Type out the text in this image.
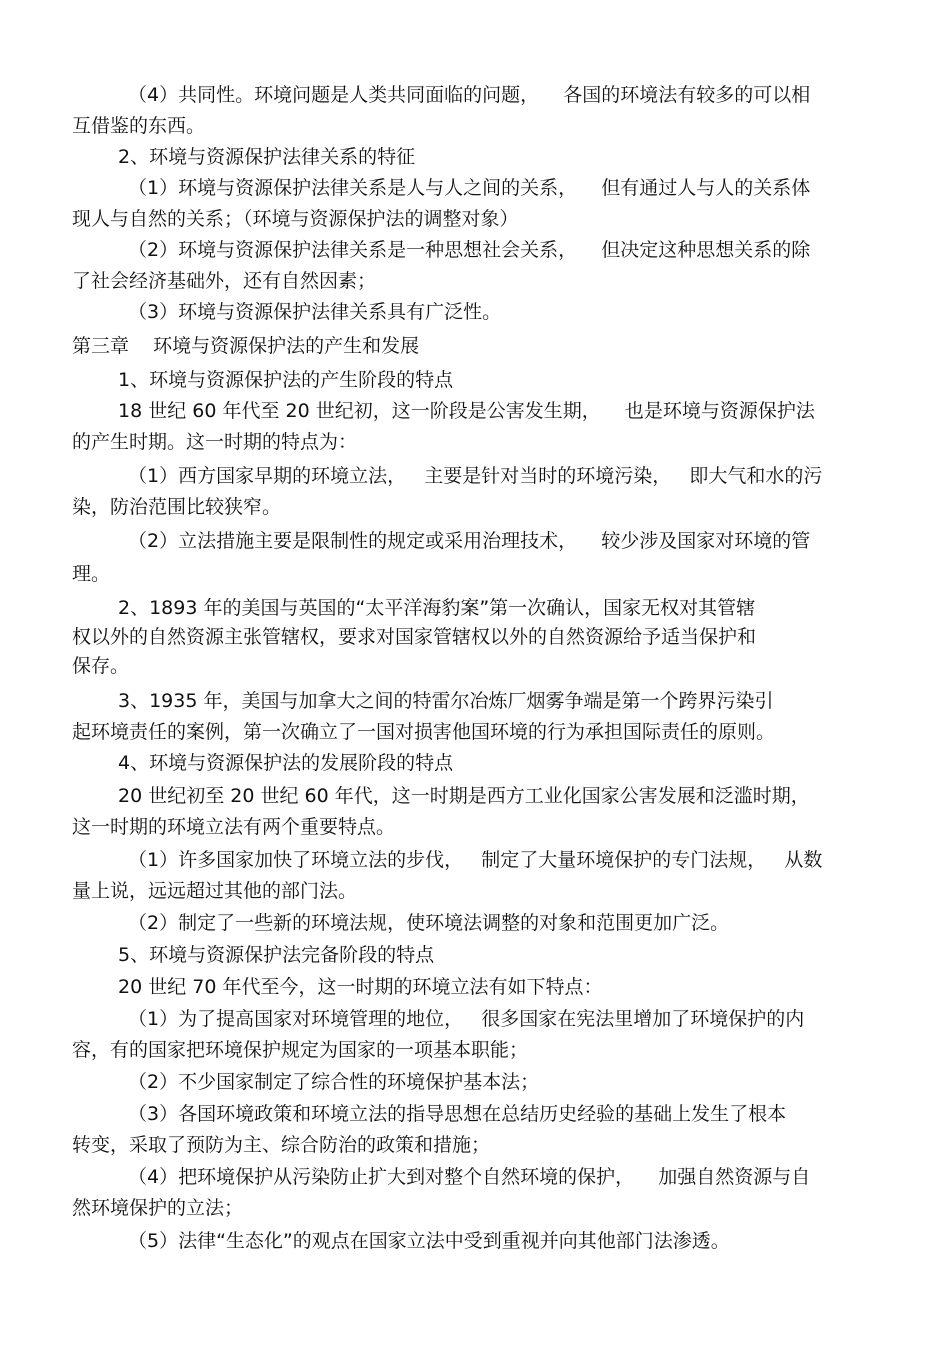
（4）共同性。环境问题是人类共同面临的问题，    各国的环境法有较多的可以相
互借鉴的东西。
2、环境与资源保护法律关系的特征
（1）环境与资源保护法律关系是人与人之间的关系，    但有通过人与人的关系体
现人与自然的关系；（环境与资源保护法的调整对象）
（2）环境与资源保护法律关系是一种思想社会关系，    但决定这种思想关系的除
了社会经济基础外，还有自然因素；
（3）环境与资源保护法律关系具有广泛性。
第三章    环境与资源保护法的产生和发展
1、环境与资源保护法的产生阶段的特点
18 世纪 60 年代至 20 世纪初，这一阶段是公害发生期，    也是环境与资源保护法
的产生时期。这一时期的特点为：
（1）西方国家早期的环境立法，   主要是针对当时的环境污染，   即大气和水的污
染，防治范围比较狭窄。
（2）立法措施主要是限制性的规定或采用治理技术，    较少涉及国家对环境的管
理。
2、1893 年的美国与英国的“太平洋海豹案”第一次确认，国家无权对其管辖
权以外的自然资源主张管辖权，要求对国家管辖权以外的自然资源给予适当保护和
保存。
3、1935 年，美国与加拿大之间的特雷尔冶炼厂烟雾争端是第一个跨界污染引
起环境责任的案例，第一次确立了一国对损害他国环境的行为承担国际责任的原则。
4、环境与资源保护法的发展阶段的特点
20 世纪初至 20 世纪 60 年代，这一时期是西方工业化国家公害发展和泛滥时期，
这一时期的环境立法有两个重要特点。
（1）许多国家加快了环境立法的步伐，   制定了大量环境保护的专门法规，   从数
量上说，远远超过其他的部门法。
（2）制定了一些新的环境法规，使环境法调整的对象和范围更加广泛。
5、环境与资源保护法完备阶段的特点
20 世纪 70 年代至今，这一时期的环境立法有如下特点：
（1）为了提高国家对环境管理的地位，   很多国家在宪法里增加了环境保护的内
容，有的国家把环境保护规定为国家的一项基本职能；
（2）不少国家制定了综合性的环境保护基本法；
（3）各国环境政策和环境立法的指导思想在总结历史经验的基础上发生了根本
转变，采取了预防为主、综合防治的政策和措施；
（4）把环境保护从污染防止扩大到对整个自然环境的保护，    加强自然资源与自
然环境保护的立法；
（5）法律“生态化”的观点在国家立法中受到重视并向其他部门法渗透。
